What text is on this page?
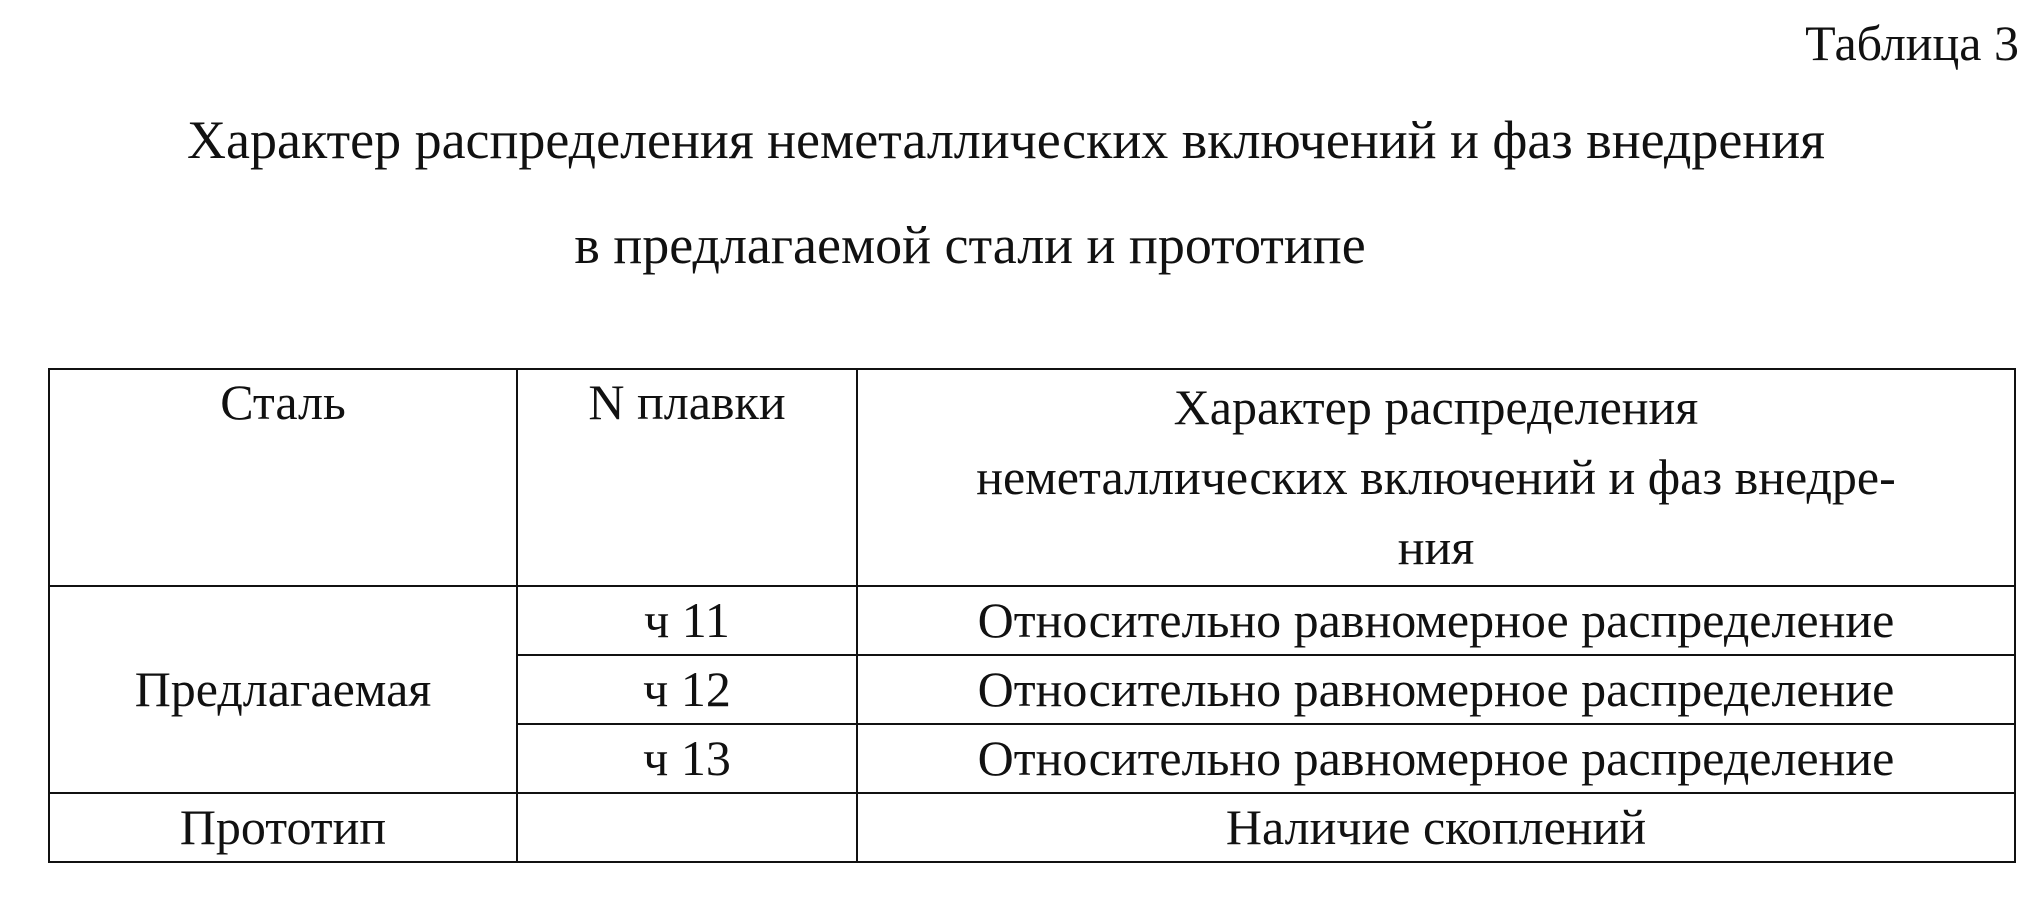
Таблица 3
Характер распределения неметаллических включений и фаз внедрения
в предлагаемой стали и прототипе
Сталь	N плавки	Характер распределения
неметаллических включений и фаз внедре-
ния

Предлагаемая	ч 11	Относительно равномерное распределение
	ч 12	Относительно равномерное распределение
	ч 13	Относительно равномерное распределение
Прототип		Наличие скоплений
